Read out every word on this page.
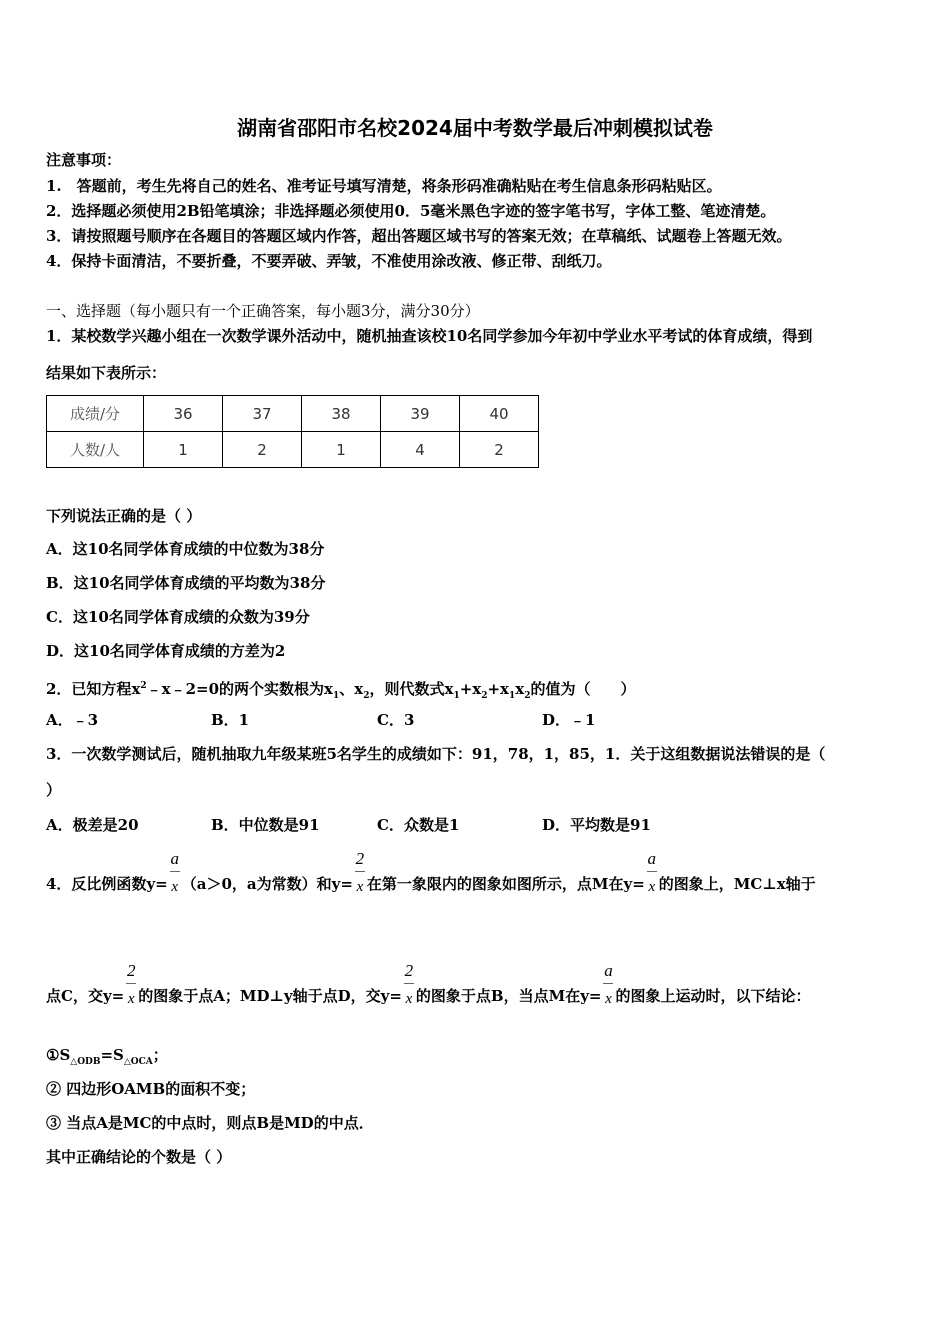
湖南省邵阳市名校2024届中考数学最后冲刺模拟试卷
注意事项：
1.　答题前，考生先将自己的姓名、准考证号填写清楚，将条形码准确粘贴在考生信息条形码粘贴区。
2．选择题必须使用2B铅笔填涂；非选择题必须使用0．5毫米黑色字迹的签字笔书写，字体工整、笔迹清楚。
3．请按照题号顺序在各题目的答题区域内作答，超出答题区域书写的答案无效；在草稿纸、试题卷上答题无效。
4．保持卡面清洁，不要折叠，不要弄破、弄皱，不准使用涂改液、修正带、刮纸刀。
一、选择题（每小题只有一个正确答案，每小题3分，满分30分）
1．某校数学兴趣小组在一次数学课外活动中，随机抽查该校10名同学参加今年初中学业水平考试的体育成绩，得到
结果如下表所示：
成绩/分	36	37	38	39	40
人数/人	1	2	1	4	2
下列说法正确的是（ ）
A．这10名同学体育成绩的中位数为38分
B．这10名同学体育成绩的平均数为38分
C．这10名同学体育成绩的众数为39分
D．这10名同学体育成绩的方差为2
2．已知方程$x^2﹣x﹣2=0$的两个实数根为$x_1$、$x_2$，则代数式$x_1+x_2+x_1x_2$的值为（　　）
A．﹣3	B．1	C．3	D．﹣1
3．一次数学测试后，随机抽取九年级某班5名学生的成绩如下：91，78，1，85，1．关于这组数据说法错误的是（
）
A．极差是20	B．中位数是91	C．众数是1	D．平均数是91
4．反比例函数$y= \frac{a}{x} (a>0$，a为常数）和$y= \frac{2}{x}$ 在第一象限内的图象如图所示，点M在$y= \frac{a}{x}$ 的图象上，MC⊥x轴于
点C，交$y= \frac{2}{x}$ 的图象于点A；MD⊥y轴于点D，交$y= \frac{2}{x}$ 的图象于点B，当点M在$y= \frac{a}{x}$ 的图象上运动时，以下结论：
$①S_{\triangle ODB}=S_{\triangle OCA}$；
② 四边形OAMB的面积不变；
③ 当点A是MC的中点时，则点B是MD的中点．
其中正确结论的个数是（ ）
